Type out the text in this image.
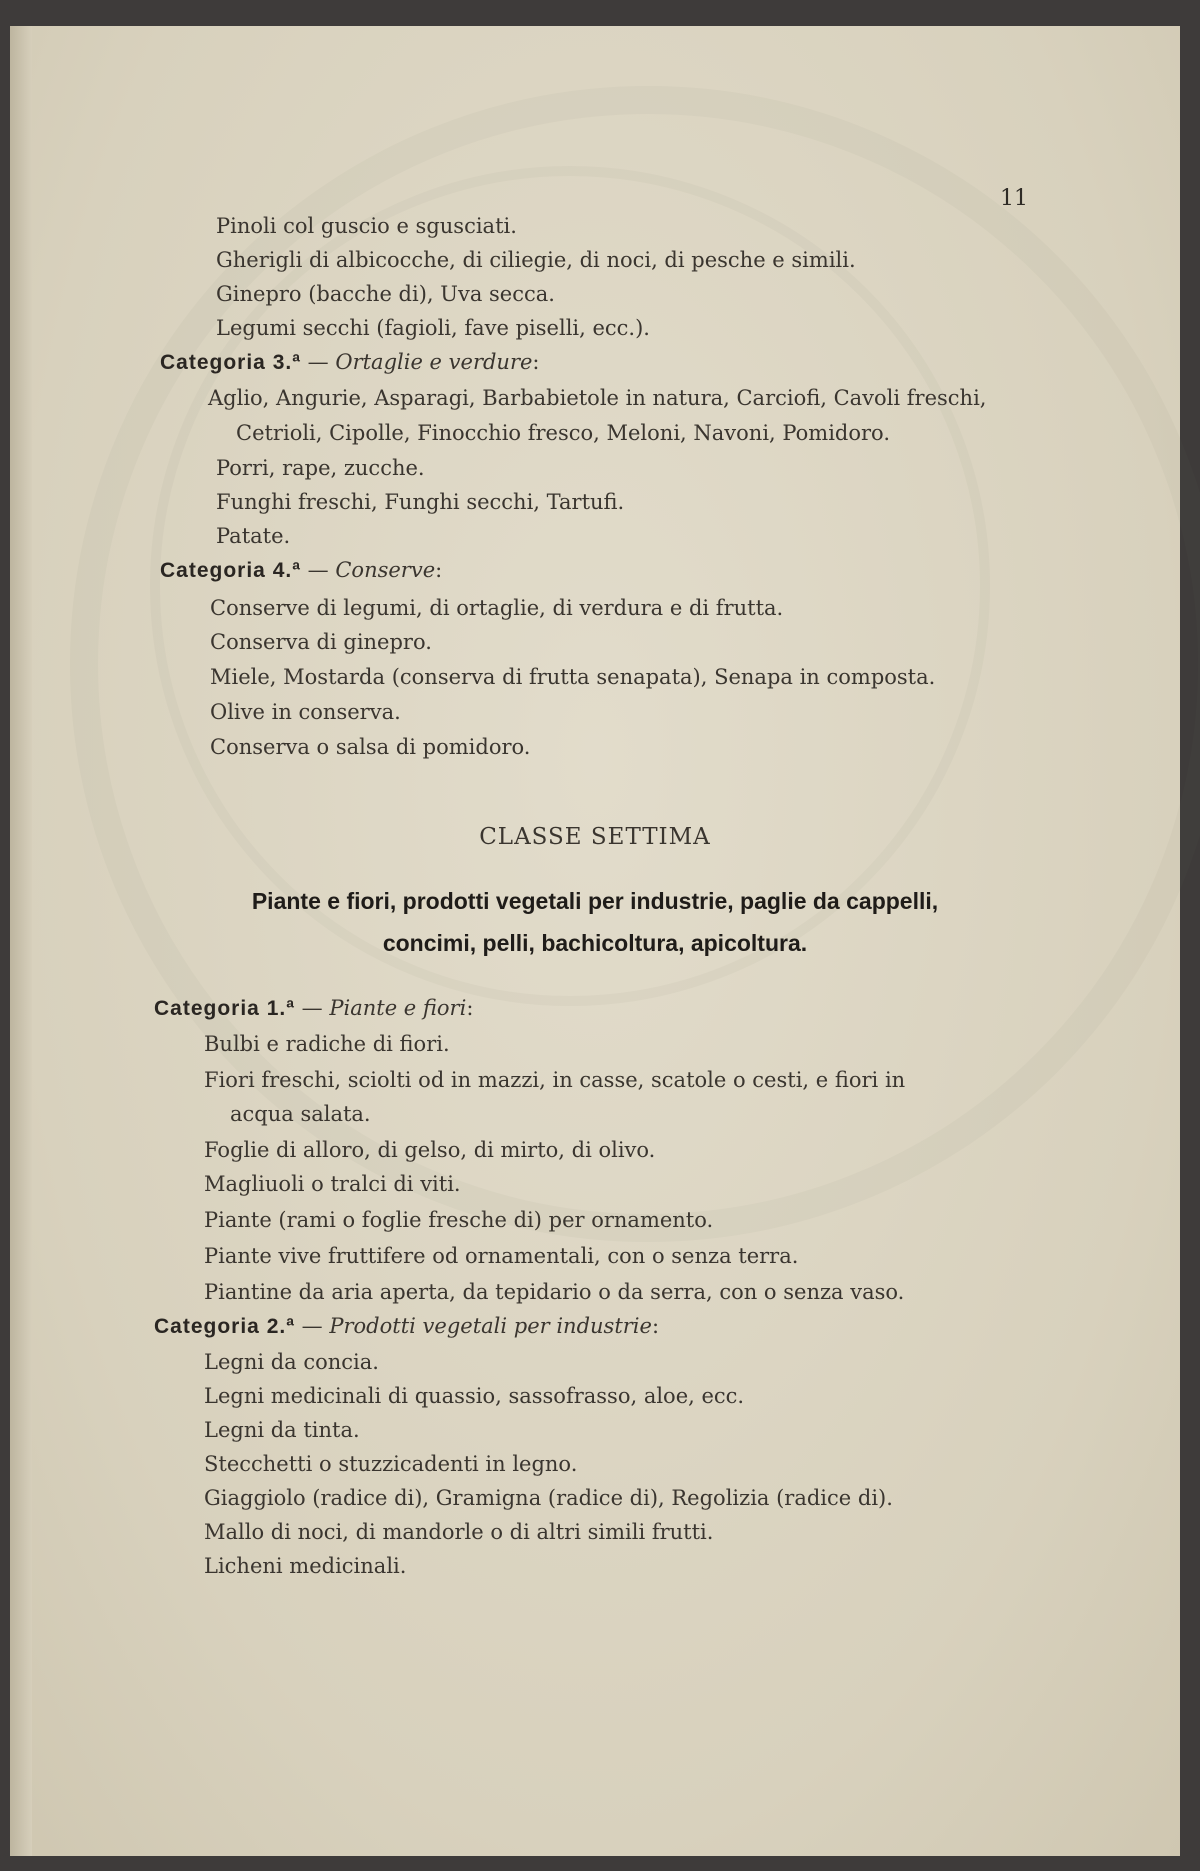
11
Pinoli col guscio e sgusciati.
Gherigli di albicocche, di ciliegie, di noci, di pesche e simili.
Ginepro (bacche di), Uva secca.
Legumi secchi (fagioli, fave piselli, ecc.).
Categoria 3.ª — Ortaglie e verdure:
Aglio, Angurie, Asparagi, Barbabietole in natura, Carciofi, Cavoli freschi,
Cetrioli, Cipolle, Finocchio fresco, Meloni, Navoni, Pomidoro.
Porri, rape, zucche.
Funghi freschi, Funghi secchi, Tartufi.
Patate.
Categoria 4.ª — Conserve:
Conserve di legumi, di ortaglie, di verdura e di frutta.
Conserva di ginepro.
Miele, Mostarda (conserva di frutta senapata), Senapa in composta.
Olive in conserva.
Conserva o salsa di pomidoro.
CLASSE SETTIMA
Piante e fiori, prodotti vegetali per industrie, paglie da cappelli,
concimi, pelli, bachicoltura, apicoltura.
Categoria 1.ª — Piante e fiori:
Bulbi e radiche di fiori.
Fiori freschi, sciolti od in mazzi, in casse, scatole o cesti, e fiori in
acqua salata.
Foglie di alloro, di gelso, di mirto, di olivo.
Magliuoli o tralci di viti.
Piante (rami o foglie fresche di) per ornamento.
Piante vive fruttifere od ornamentali, con o senza terra.
Piantine da aria aperta, da tepidario o da serra, con o senza vaso.
Categoria 2.ª — Prodotti vegetali per industrie:
Legni da concia.
Legni medicinali di quassio, sassofrasso, aloe, ecc.
Legni da tinta.
Stecchetti o stuzzicadenti in legno.
Giaggiolo (radice di), Gramigna (radice di), Regolizia (radice di).
Mallo di noci, di mandorle o di altri simili frutti.
Licheni medicinali.
